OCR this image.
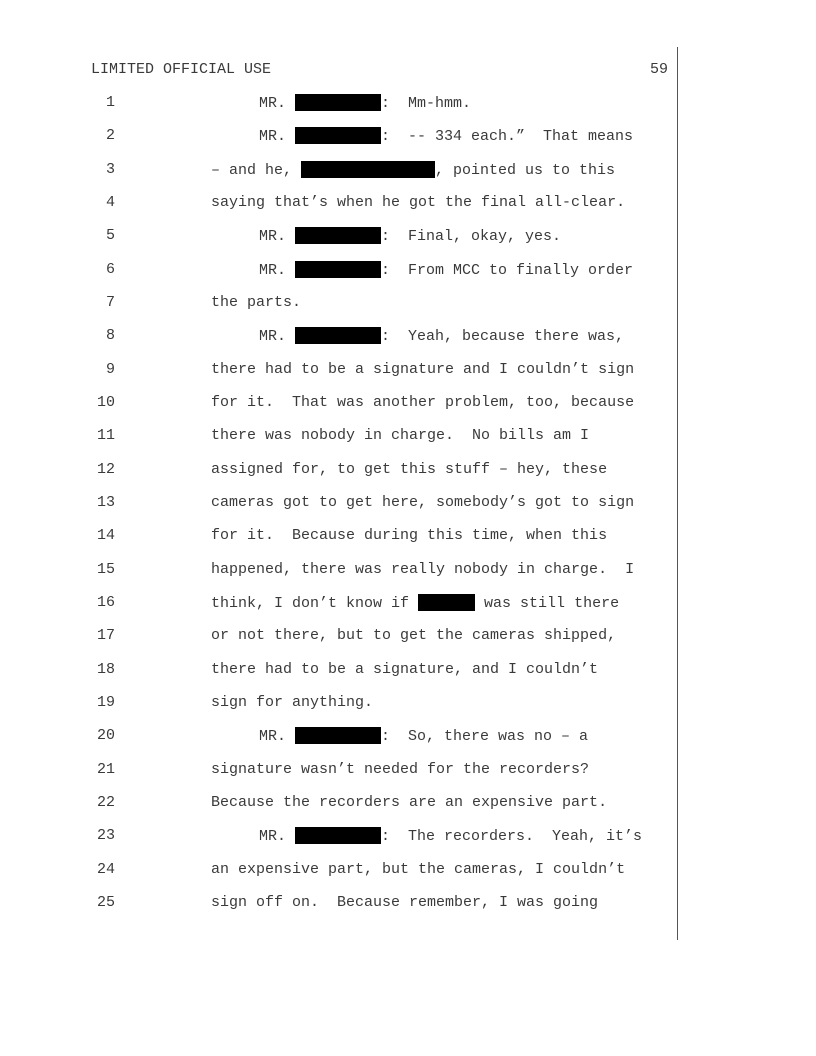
LIMITED OFFICIAL USE	59
1	MR.	:  Mm-hmm.
2	MR.	:  -- 334 each.”  That means
3	– and he,	, pointed us to this
4	saying that’s when he got the final all-clear.
5	MR.	:  Final, okay, yes.
6	MR.	:  From MCC to finally order
7	the parts.
8	MR.	:  Yeah, because there was,
9	there had to be a signature and I couldn’t sign
10	for it.  That was another problem, too, because
11	there was nobody in charge.  No bills am I
12	assigned for, to get this stuff – hey, these
13	cameras got to get here, somebody’s got to sign
14	for it.  Because during this time, when this
15	happened, there was really nobody in charge.  I
16	think, I don’t know if	was still there
17	or not there, but to get the cameras shipped,
18	there had to be a signature, and I couldn’t
19	sign for anything.
20	MR.	:  So, there was no – a
21	signature wasn’t needed for the recorders?
22	Because the recorders are an expensive part.
23	MR.	:  The recorders.  Yeah, it’s
24	an expensive part, but the cameras, I couldn’t
25	sign off on.  Because remember, I was going
